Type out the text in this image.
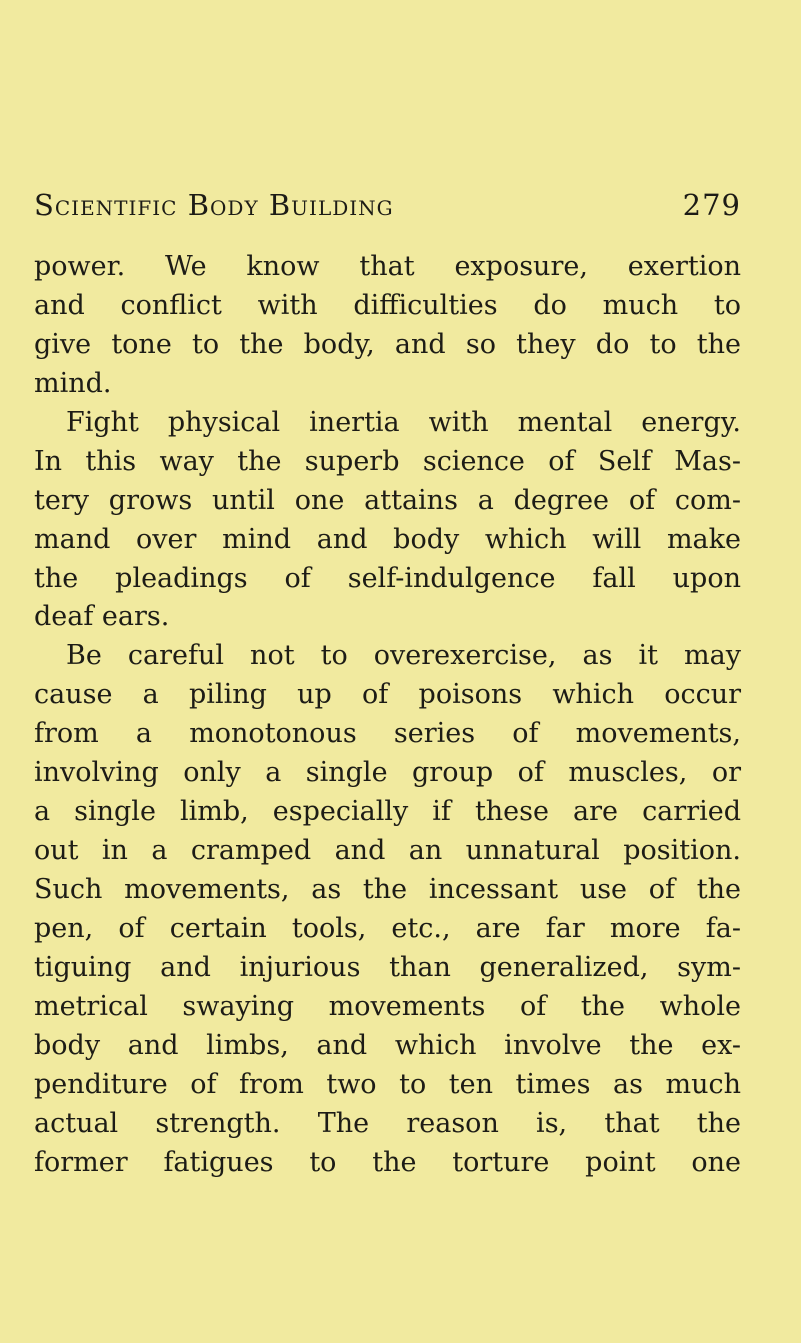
Scientific Body Building	279
power. We know that exposure, exertion
and conflict with difficulties do much to
give tone to the body, and so they do to the
mind.
Fight physical inertia with mental energy.
In this way the superb science of Self Mas-
tery grows until one attains a degree of com-
mand over mind and body which will make
the pleadings of self-indulgence fall upon
deaf ears.
Be careful not to overexercise, as it may
cause a piling up of poisons which occur
from a monotonous series of movements,
involving only a single group of muscles, or
a single limb, especially if these are carried
out in a cramped and an unnatural position.
Such movements, as the incessant use of the
pen, of certain tools, etc., are far more fa-
tiguing and injurious than generalized, sym-
metrical swaying movements of the whole
body and limbs, and which involve the ex-
penditure of from two to ten times as much
actual strength. The reason is, that the
former fatigues to the torture point one
